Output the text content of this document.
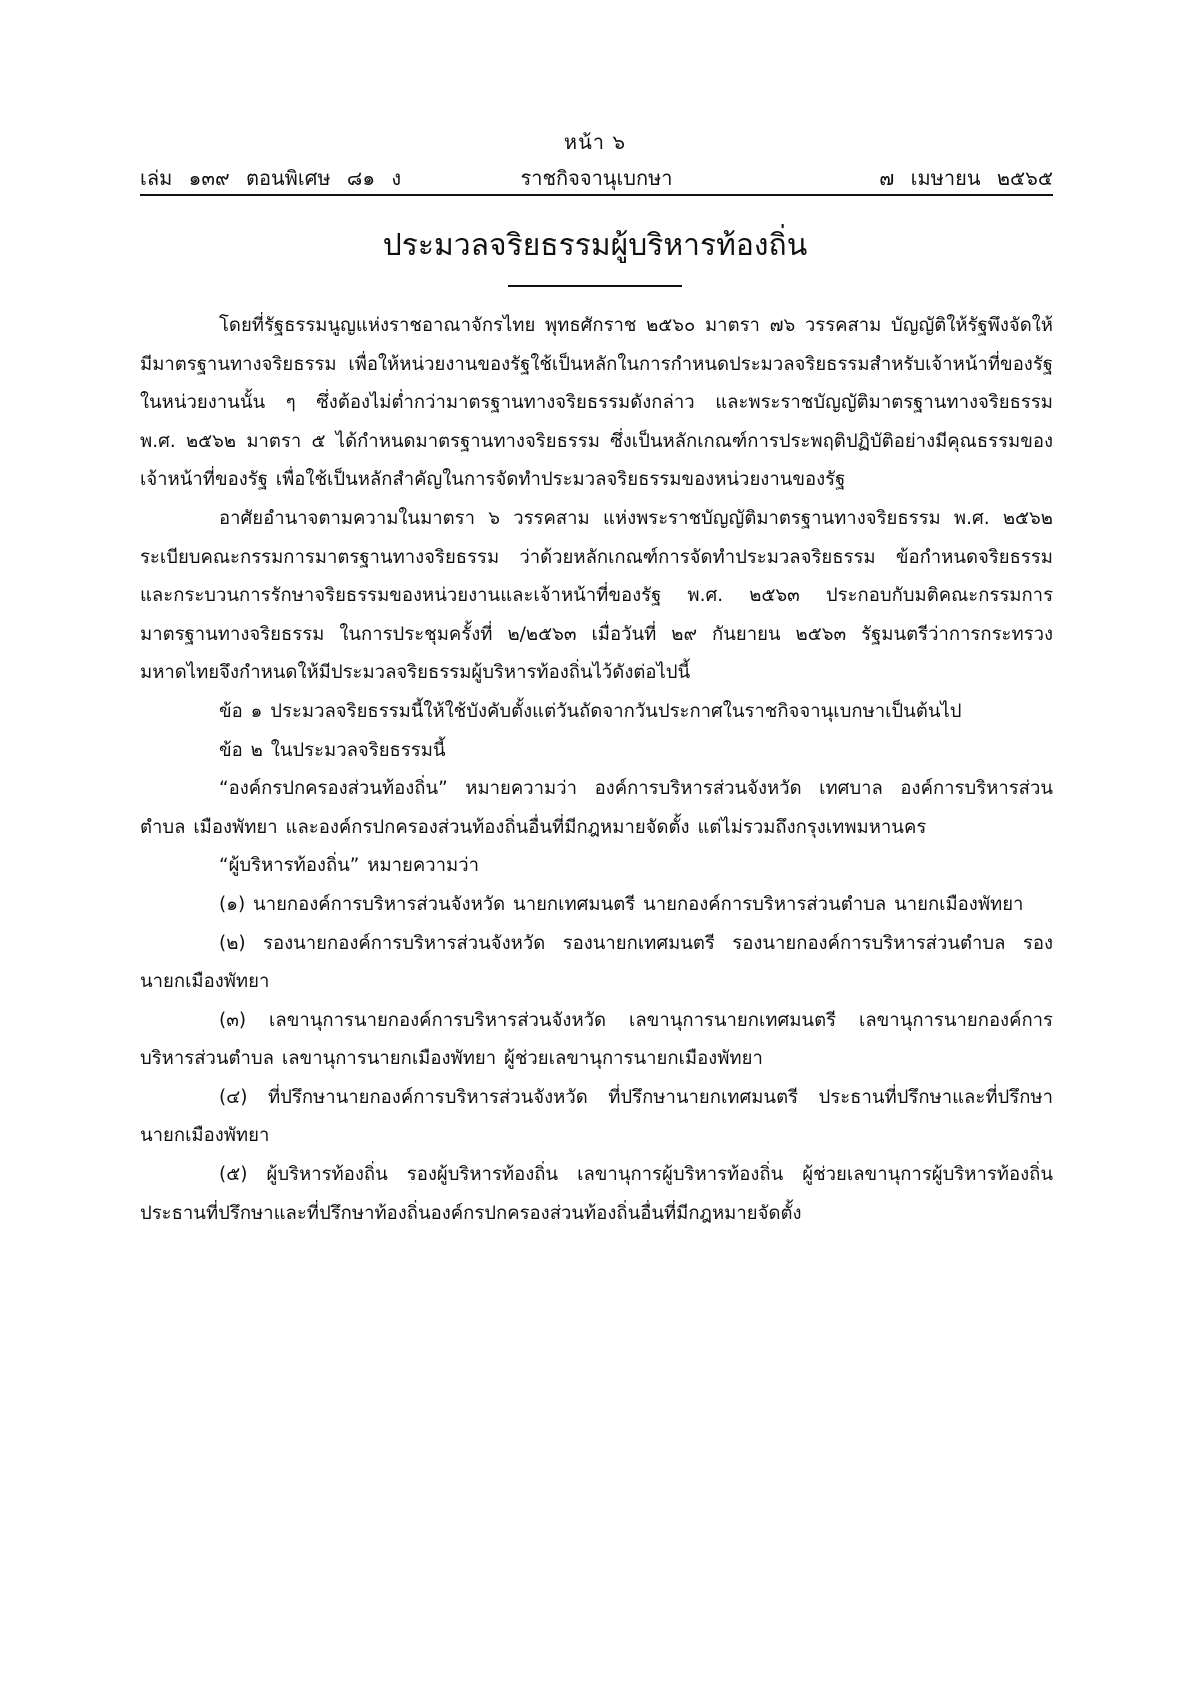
หน้า ๖
เล่ม ๑๓๙ ตอนพิเศษ ๘๑ ง	ราชกิจจานุเบกษา	๗ เมษายน ๒๕๖๕
ประมวลจริยธรรมผู้บริหารท้องถิ่น

โดยที่รัฐธรรมนูญแห่งราชอาณาจักรไทย พุทธศักราช ๒๕๖๐ มาตรา ๗๖ วรรคสาม บัญญัติให้รัฐพึงจัดให้มีมาตรฐานทางจริยธรรม เพื่อให้หน่วยงานของรัฐใช้เป็นหลักในการกำหนดประมวลจริยธรรมสำหรับเจ้าหน้าที่ของรัฐในหน่วยงานนั้น ๆ ซึ่งต้องไม่ต่ำกว่ามาตรฐานทางจริยธรรมดังกล่าว และพระราชบัญญัติมาตรฐานทางจริยธรรม พ.ศ. ๒๕๖๒ มาตรา ๕ ได้กำหนดมาตรฐานทางจริยธรรม ซึ่งเป็นหลักเกณฑ์การประพฤติปฏิบัติอย่างมีคุณธรรมของเจ้าหน้าที่ของรัฐ เพื่อใช้เป็นหลักสำคัญในการจัดทำประมวลจริยธรรมของหน่วยงานของรัฐ

อาศัยอำนาจตามความในมาตรา ๖ วรรคสาม แห่งพระราชบัญญัติมาตรฐานทางจริยธรรม พ.ศ. ๒๕๖๒ ระเบียบคณะกรรมการมาตรฐานทางจริยธรรม ว่าด้วยหลักเกณฑ์การจัดทำประมวลจริยธรรม ข้อกำหนดจริยธรรม และกระบวนการรักษาจริยธรรมของหน่วยงานและเจ้าหน้าที่ของรัฐ พ.ศ. ๒๕๖๓ ประกอบกับมติคณะกรรมการมาตรฐานทางจริยธรรม ในการประชุมครั้งที่ ๒/๒๕๖๓ เมื่อวันที่ ๒๙ กันยายน ๒๕๖๓ รัฐมนตรีว่าการกระทรวงมหาดไทยจึงกำหนดให้มีประมวลจริยธรรมผู้บริหารท้องถิ่นไว้ดังต่อไปนี้

ข้อ ๑ ประมวลจริยธรรมนี้ให้ใช้บังคับตั้งแต่วันถัดจากวันประกาศในราชกิจจานุเบกษาเป็นต้นไป

ข้อ ๒ ในประมวลจริยธรรมนี้

“องค์กรปกครองส่วนท้องถิ่น” หมายความว่า องค์การบริหารส่วนจังหวัด เทศบาล องค์การบริหารส่วนตำบล เมืองพัทยา และองค์กรปกครองส่วนท้องถิ่นอื่นที่มีกฎหมายจัดตั้ง แต่ไม่รวมถึงกรุงเทพมหานคร

“ผู้บริหารท้องถิ่น” หมายความว่า

(๑) นายกองค์การบริหารส่วนจังหวัด นายกเทศมนตรี นายกองค์การบริหารส่วนตำบล นายกเมืองพัทยา

(๒) รองนายกองค์การบริหารส่วนจังหวัด รองนายกเทศมนตรี รองนายกองค์การบริหารส่วนตำบล รองนายกเมืองพัทยา

(๓) เลขานุการนายกองค์การบริหารส่วนจังหวัด เลขานุการนายกเทศมนตรี เลขานุการนายกองค์การบริหารส่วนตำบล เลขานุการนายกเมืองพัทยา ผู้ช่วยเลขานุการนายกเมืองพัทยา

(๔) ที่ปรึกษานายกองค์การบริหารส่วนจังหวัด ที่ปรึกษานายกเทศมนตรี ประธานที่ปรึกษาและที่ปรึกษานายกเมืองพัทยา

(๕) ผู้บริหารท้องถิ่น รองผู้บริหารท้องถิ่น เลขานุการผู้บริหารท้องถิ่น ผู้ช่วยเลขานุการผู้บริหารท้องถิ่น ประธานที่ปรึกษาและที่ปรึกษาท้องถิ่นองค์กรปกครองส่วนท้องถิ่นอื่นที่มีกฎหมายจัดตั้ง
